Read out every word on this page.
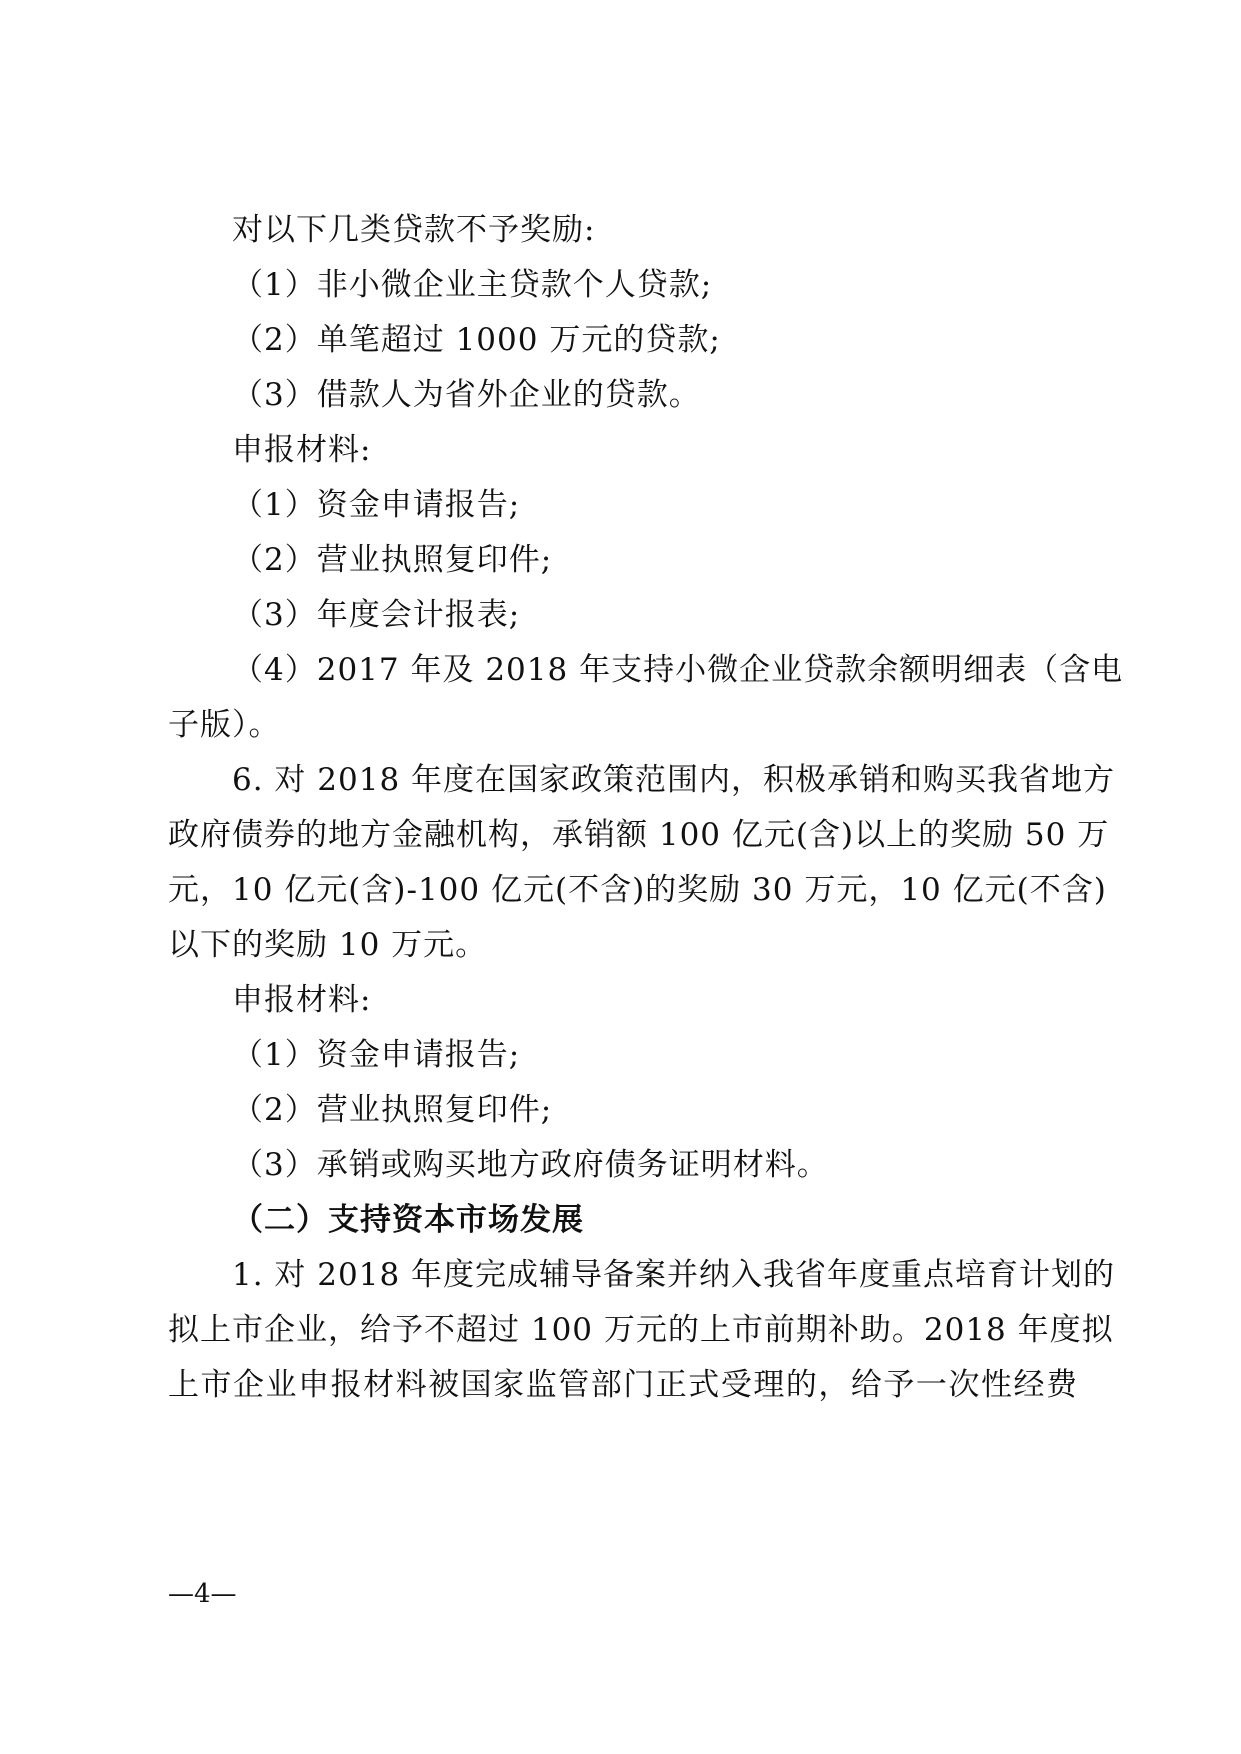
对以下几类贷款不予奖励:
（1）非小微企业主贷款个人贷款;
（2）单笔超过 1000 万元的贷款;
（3）借款人为省外企业的贷款。
申报材料:
（1）资金申请报告;
（2）营业执照复印件;
（3）年度会计报表;
（4）2017 年及 2018 年支持小微企业贷款余额明细表（含电
子版）。
6. 对 2018 年度在国家政策范围内，积极承销和购买我省地方
政府债券的地方金融机构，承销额 100 亿元(含)以上的奖励 50 万
元，10 亿元(含)-100 亿元(不含)的奖励 30 万元，10 亿元(不含)
以下的奖励 10 万元。
申报材料:
（1）资金申请报告;
（2）营业执照复印件;
（3）承销或购买地方政府债务证明材料。
（二）支持资本市场发展
1. 对 2018 年度完成辅导备案并纳入我省年度重点培育计划的
拟上市企业，给予不超过 100 万元的上市前期补助。2018 年度拟
上市企业申报材料被国家监管部门正式受理的，给予一次性经费
—4—
